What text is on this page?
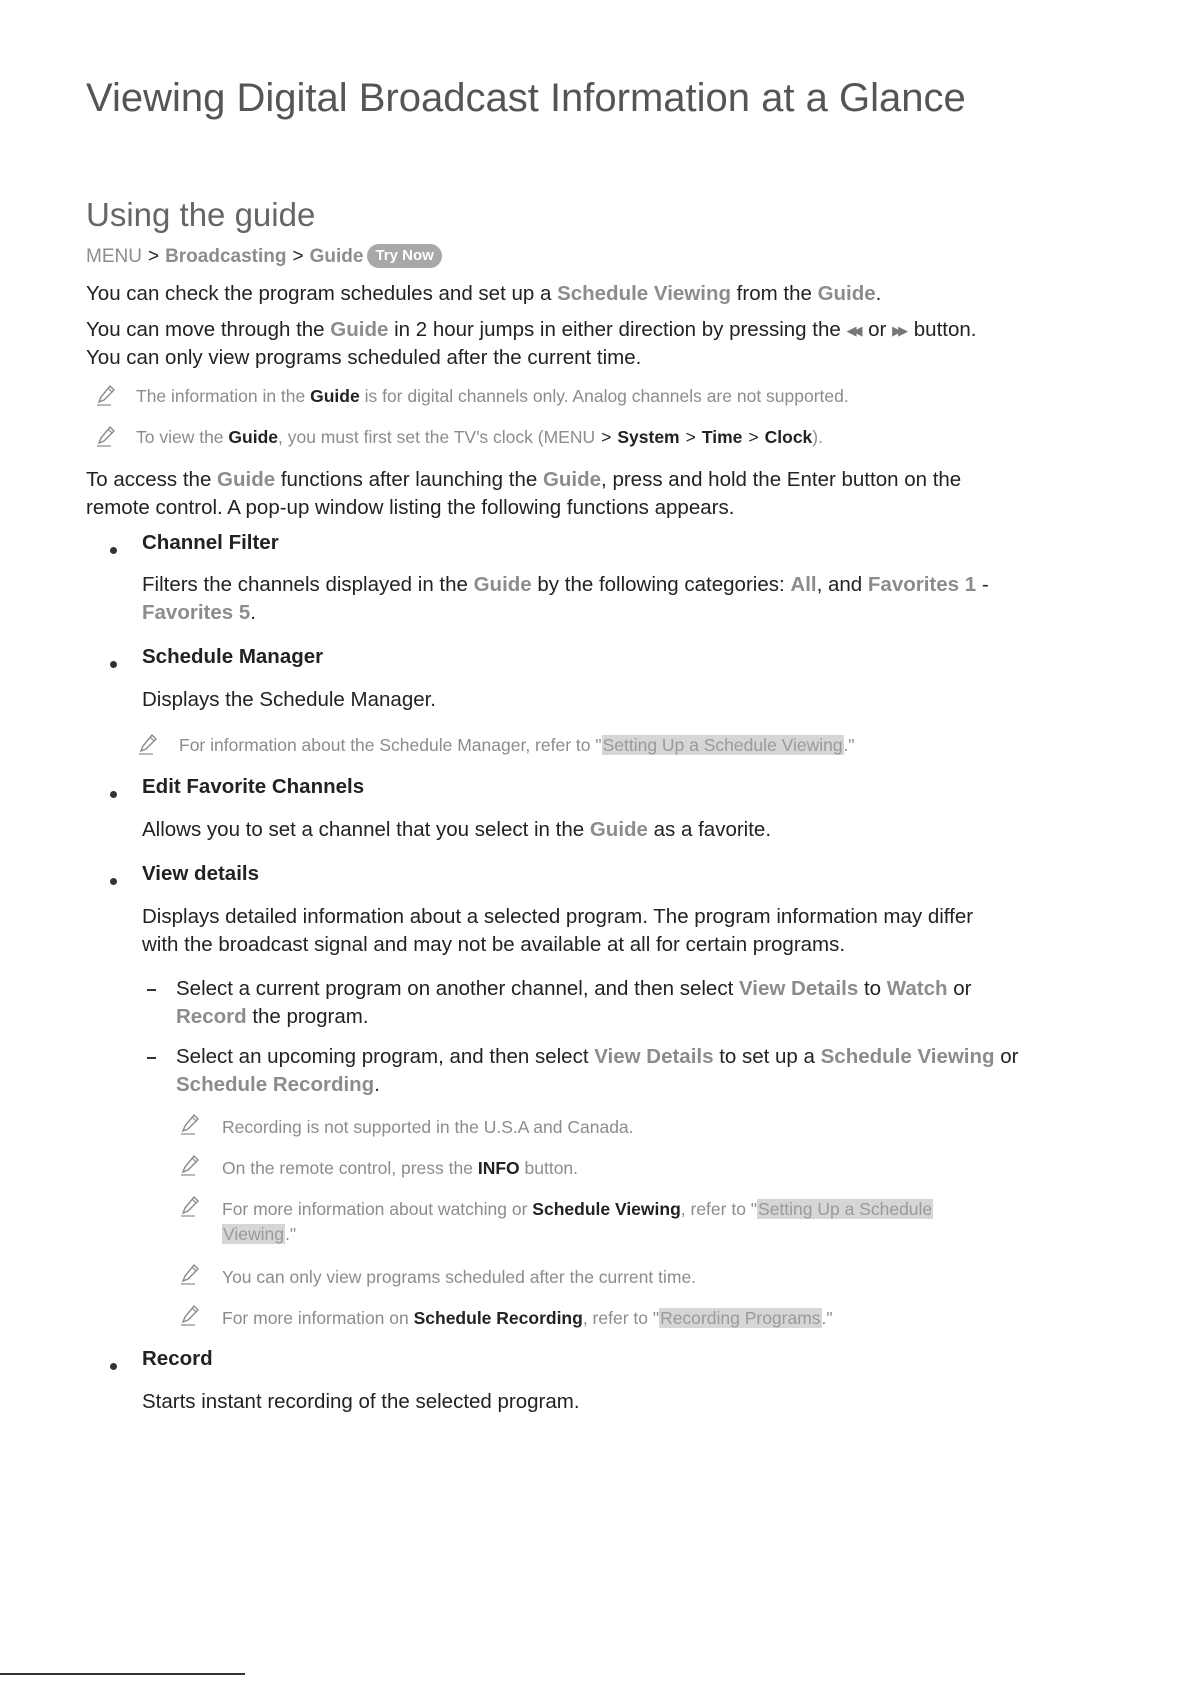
Viewing Digital Broadcast Information at a Glance
Using the guide
MENU > Broadcasting > Guide Try Now
You can check the program schedules and set up a Schedule Viewing from the Guide.
You can move through the Guide in 2 hour jumps in either direction by pressing the ◀◀ or ▶▶ button.
You can only view programs scheduled after the current time.
The information in the Guide is for digital channels only. Analog channels are not supported.
To view the Guide, you must first set the TV's clock (MENU > System > Time > Clock).
To access the Guide functions after launching the Guide, press and hold the Enter button on the
remote control. A pop-up window listing the following functions appears.
Channel Filter
Filters the channels displayed in the Guide by the following categories: All, and Favorites 1 -
Favorites 5.
Schedule Manager
Displays the Schedule Manager.
For information about the Schedule Manager, refer to "Setting Up a Schedule Viewing."
Edit Favorite Channels
Allows you to set a channel that you select in the Guide as a favorite.
View details
Displays detailed information about a selected program. The program information may differ
with the broadcast signal and may not be available at all for certain programs.
Select a current program on another channel, and then select View Details to Watch or
Record the program.
Select an upcoming program, and then select View Details to set up a Schedule Viewing or
Schedule Recording.
Recording is not supported in the U.S.A and Canada.
On the remote control, press the INFO button.
For more information about watching or Schedule Viewing, refer to "Setting Up a Schedule
Viewing."
You can only view programs scheduled after the current time.
For more information on Schedule Recording, refer to "Recording Programs."
Record
Starts instant recording of the selected program.
